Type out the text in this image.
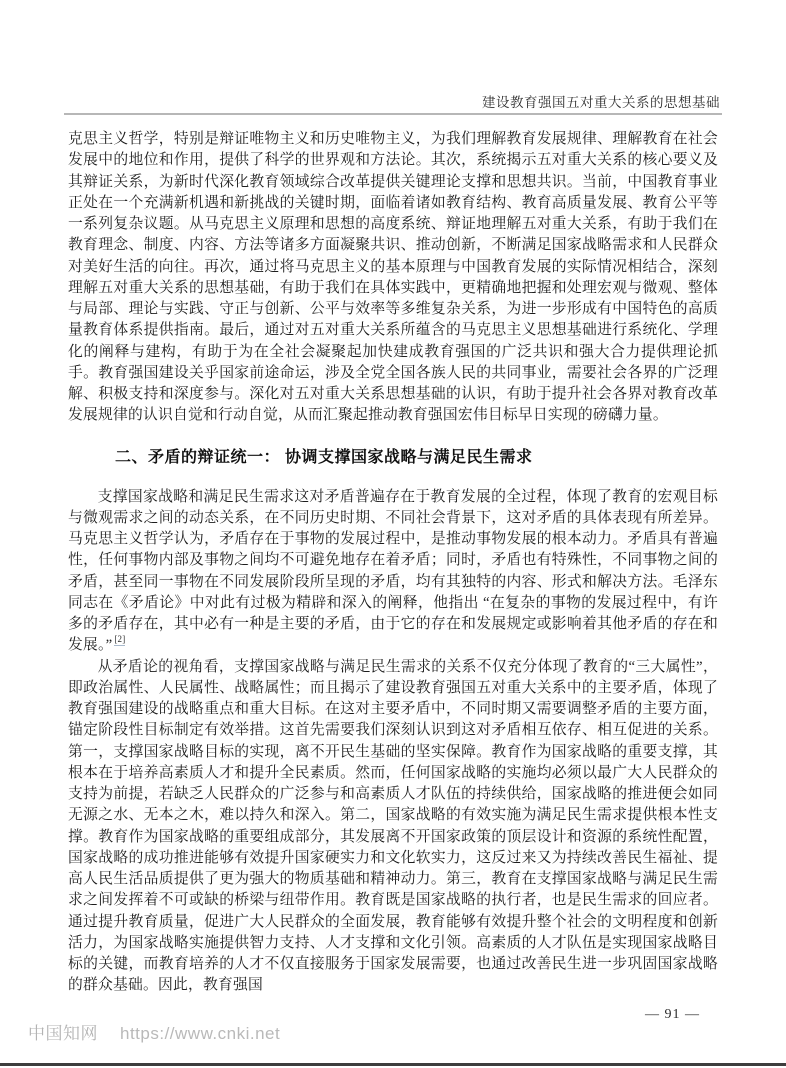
建设教育强国五对重大关系的思想基础

克思主义哲学，特别是辩证唯物主义和历史唯物主义，为我们理解教育发展规律、理解教育在社会发展中的地位和作用，提供了科学的世界观和方法论。其次，系统揭示五对重大关系的核心要义及其辩证关系，为新时代深化教育领域综合改革提供关键理论支撑和思想共识。当前，中国教育事业正处在一个充满新机遇和新挑战的关键时期，面临着诸如教育结构、教育高质量发展、教育公平等一系列复杂议题。从马克思主义原理和思想的高度系统、辩证地理解五对重大关系，有助于我们在教育理念、制度、内容、方法等诸多方面凝聚共识、推动创新，不断满足国家战略需求和人民群众对美好生活的向往。再次，通过将马克思主义的基本原理与中国教育发展的实际情况相结合，深刻理解五对重大关系的思想基础，有助于我们在具体实践中，更精确地把握和处理宏观与微观、整体与局部、理论与实践、守正与创新、公平与效率等多维复杂关系，为进一步形成有中国特色的高质量教育体系提供指南。最后，通过对五对重大关系所蕴含的马克思主义思想基础进行系统化、学理化的阐释与建构，有助于为在全社会凝聚起加快建成教育强国的广泛共识和强大合力提供理论抓手。教育强国建设关乎国家前途命运，涉及全党全国各族人民的共同事业，需要社会各界的广泛理解、积极支持和深度参与。深化对五对重大关系思想基础的认识，有助于提升社会各界对教育改革发展规律的认识自觉和行动自觉，从而汇聚起推动教育强国宏伟目标早日实现的磅礴力量。

二、矛盾的辩证统一： 协调支撑国家战略与满足民生需求

支撑国家战略和满足民生需求这对矛盾普遍存在于教育发展的全过程，体现了教育的宏观目标与微观需求之间的动态关系，在不同历史时期、不同社会背景下，这对矛盾的具体表现有所差异。马克思主义哲学认为，矛盾存在于事物的发展过程中，是推动事物发展的根本动力。矛盾具有普遍性，任何事物内部及事物之间均不可避免地存在着矛盾；同时，矛盾也有特殊性，不同事物之间的矛盾，甚至同一事物在不同发展阶段所呈现的矛盾，均有其独特的内容、形式和解决方法。毛泽东同志在《矛盾论》中对此有过极为精辟和深入的阐释，他指出 “在复杂的事物的发展过程中，有许多的矛盾存在，其中必有一种是主要的矛盾，由于它的存在和发展规定或影响着其他矛盾的存在和发展。” [2]

从矛盾论的视角看，支撑国家战略与满足民生需求的关系不仅充分体现了教育的“三大属性”，即政治属性、人民属性、战略属性；而且揭示了建设教育强国五对重大关系中的主要矛盾，体现了教育强国建设的战略重点和重大目标。在这对主要矛盾中，不同时期又需要调整矛盾的主要方面，锚定阶段性目标制定有效举措。这首先需要我们深刻认识到这对矛盾相互依存、相互促进的关系。第一，支撑国家战略目标的实现，离不开民生基础的坚实保障。教育作为国家战略的重要支撑，其根本在于培养高素质人才和提升全民素质。然而，任何国家战略的实施均必须以最广大人民群众的支持为前提，若缺乏人民群众的广泛参与和高素质人才队伍的持续供给，国家战略的推进便会如同无源之水、无本之木，难以持久和深入。第二，国家战略的有效实施为满足民生需求提供根本性支撑。教育作为国家战略的重要组成部分，其发展离不开国家政策的顶层设计和资源的系统性配置，国家战略的成功推进能够有效提升国家硬实力和文化软实力，这反过来又为持续改善民生福祉、提高人民生活品质提供了更为强大的物质基础和精神动力。第三，教育在支撑国家战略与满足民生需求之间发挥着不可或缺的桥梁与纽带作用。教育既是国家战略的执行者，也是民生需求的回应者。通过提升教育质量，促进广大人民群众的全面发展，教育能够有效提升整个社会的文明程度和创新活力，为国家战略实施提供智力支持、人才支撑和文化引领。高素质的人才队伍是实现国家战略目标的关键，而教育培养的人才不仅直接服务于国家发展需要，也通过改善民生进一步巩固国家战略的群众基础。因此，教育强国

— 91 —
中国知网 https://www.cnki.net
